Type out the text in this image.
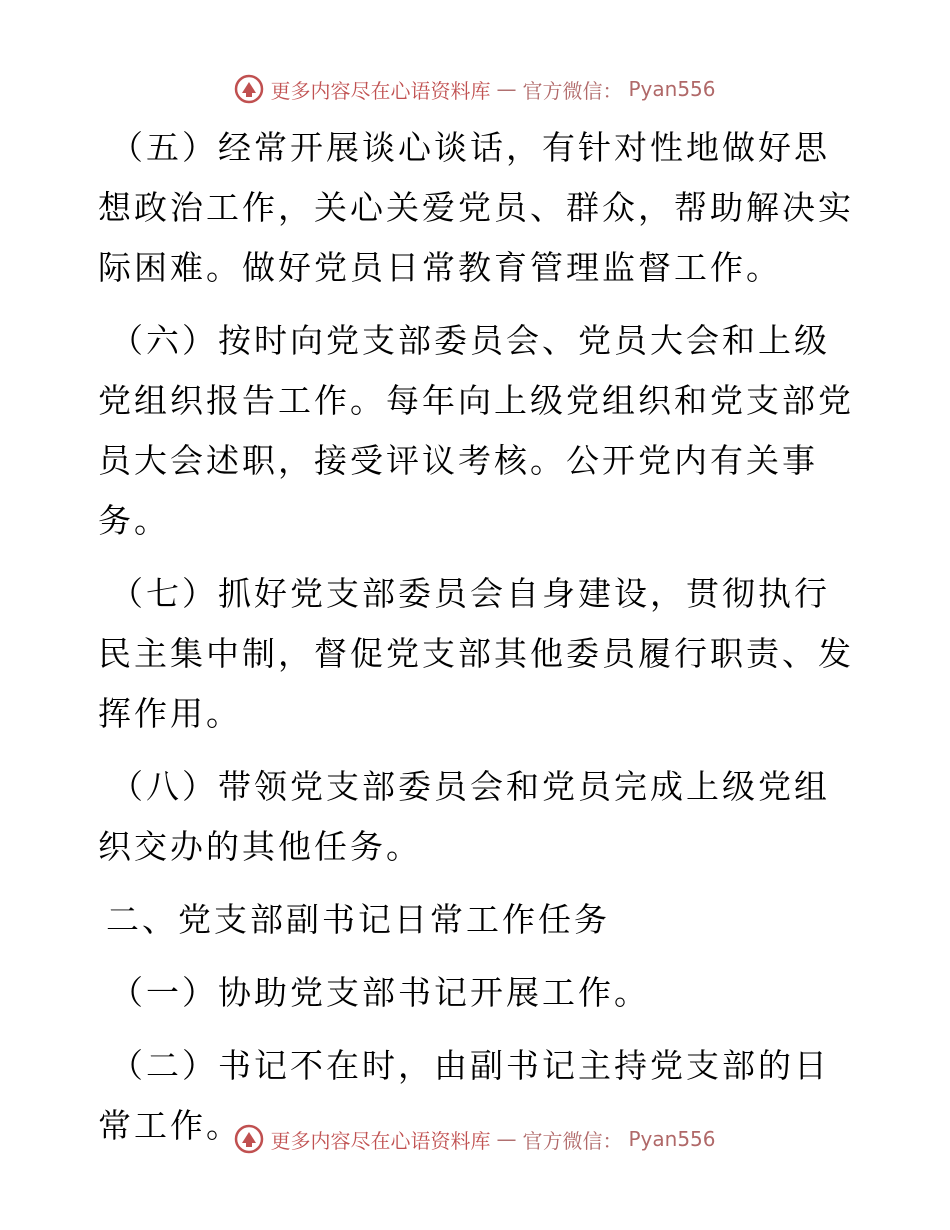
更多内容尽在心语资料库 — 官方微信： Pyan556

（五）经常开展谈心谈话，有针对性地做好思想政治工作，关心关爱党员、群众，帮助解决实际困难。做好党员日常教育管理监督工作。

（六）按时向党支部委员会、党员大会和上级党组织报告工作。每年向上级党组织和党支部党员大会述职，接受评议考核。公开党内有关事务。

（七）抓好党支部委员会自身建设，贯彻执行民主集中制，督促党支部其他委员履行职责、发挥作用。

（八）带领党支部委员会和党员完成上级党组织交办的其他任务。

二、党支部副书记日常工作任务

（一）协助党支部书记开展工作。

（二）书记不在时，由副书记主持党支部的日常工作。	更多内容尽在心语资料库 — 官方微信： Pyan556
